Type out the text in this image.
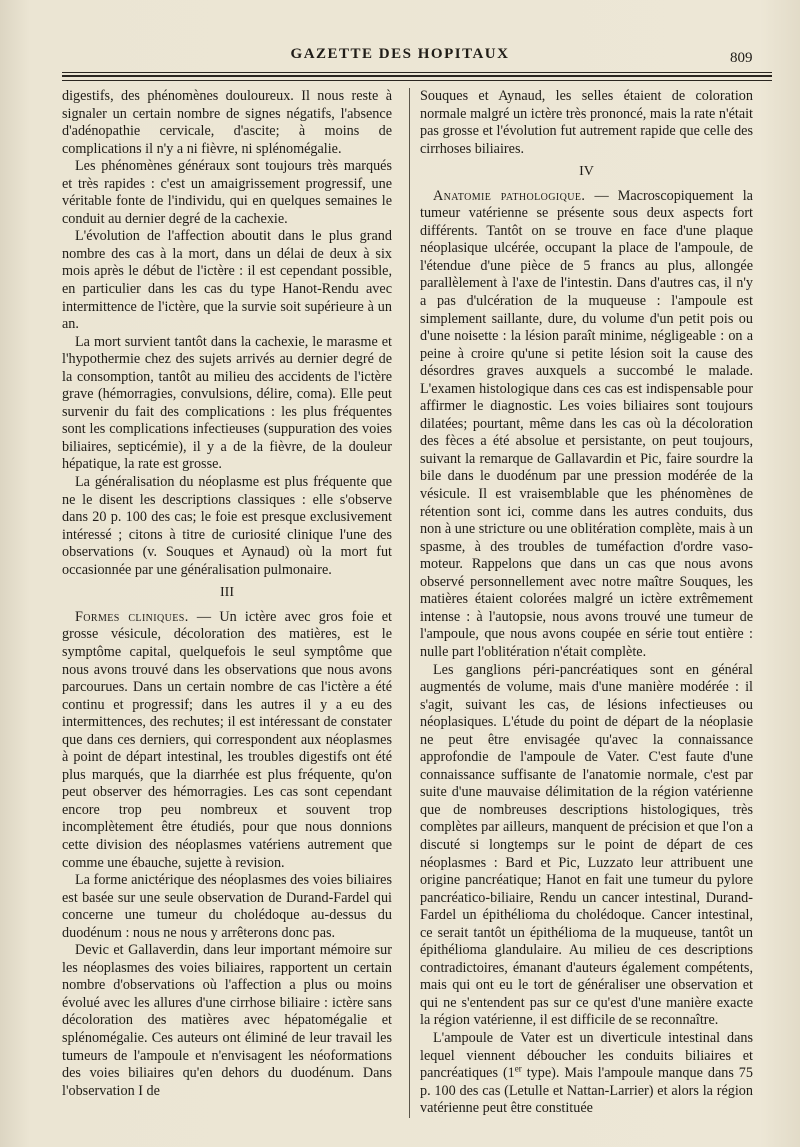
GAZETTE DES HOPITAUX	809

digestifs, des phénomènes douloureux. Il nous reste à signaler un certain nombre de signes négatifs, l'absence d'adénopathie cervicale, d'ascite; à moins de complications il n'y a ni fièvre, ni splénomégalie.

Les phénomènes généraux sont toujours très marqués et très rapides : c'est un amaigrissement progressif, une véritable fonte de l'individu, qui en quelques semaines le conduit au dernier degré de la cachexie.

L'évolution de l'affection aboutit dans le plus grand nombre des cas à la mort, dans un délai de deux à six mois après le début de l'ictère : il est cependant possible, en particulier dans les cas du type Hanot-Rendu avec intermittence de l'ictère, que la survie soit supérieure à un an.

La mort survient tantôt dans la cachexie, le marasme et l'hypothermie chez des sujets arrivés au dernier degré de la consomption, tantôt au milieu des accidents de l'ictère grave (hémorragies, convulsions, délire, coma). Elle peut survenir du fait des complications : les plus fréquentes sont les complications infectieuses (suppuration des voies biliaires, septicémie), il y a de la fièvre, de la douleur hépatique, la rate est grosse.

La généralisation du néoplasme est plus fréquente que ne le disent les descriptions classiques : elle s'observe dans 20 p. 100 des cas; le foie est presque exclusivement intéressé ; citons à titre de curiosité clinique l'une des observations (v. Souques et Aynaud) où la mort fut occasionnée par une généralisation pulmonaire.

III

Formes cliniques. — Un ictère avec gros foie et grosse vésicule, décoloration des matières, est le symptôme capital, quelquefois le seul symptôme que nous avons trouvé dans les observations que nous avons parcourues. Dans un certain nombre de cas l'ictère a été continu et progressif; dans les autres il y a eu des intermittences, des rechutes; il est intéressant de constater que dans ces derniers, qui correspondent aux néoplasmes à point de départ intestinal, les troubles digestifs ont été plus marqués, que la diarrhée est plus fréquente, qu'on peut observer des hémorragies. Les cas sont cependant encore trop peu nombreux et souvent trop incomplètement être étudiés, pour que nous donnions cette division des néoplasmes vatériens autrement que comme une ébauche, sujette à revision.

La forme anictérique des néoplasmes des voies biliaires est basée sur une seule observation de Durand-Fardel qui concerne une tumeur du cholédoque au-dessus du duodénum : nous ne nous y arrêterons donc pas.

Devic et Gallaverdin, dans leur important mémoire sur les néoplasmes des voies biliaires, rapportent un certain nombre d'observations où l'affection a plus ou moins évolué avec les allures d'une cirrhose biliaire : ictère sans décoloration des matières avec hépatomégalie et splénomégalie. Ces auteurs ont éliminé de leur travail les tumeurs de l'ampoule et n'envisagent les néoformations des voies biliaires qu'en dehors du duodénum. Dans l'observation I de

Souques et Aynaud, les selles étaient de coloration normale malgré un ictère très prononcé, mais la rate n'était pas grosse et l'évolution fut autrement rapide que celle des cirrhoses biliaires.

IV

Anatomie pathologique. — Macroscopiquement la tumeur vatérienne se présente sous deux aspects fort différents. Tantôt on se trouve en face d'une plaque néoplasique ulcérée, occupant la place de l'ampoule, de l'étendue d'une pièce de 5 francs au plus, allongée parallèlement à l'axe de l'intestin. Dans d'autres cas, il n'y a pas d'ulcération de la muqueuse : l'ampoule est simplement saillante, dure, du volume d'un petit pois ou d'une noisette : la lésion paraît minime, négligeable : on a peine à croire qu'une si petite lésion soit la cause des désordres graves auxquels a succombé le malade. L'examen histologique dans ces cas est indispensable pour affirmer le diagnostic. Les voies biliaires sont toujours dilatées; pourtant, même dans les cas où la décoloration des fèces a été absolue et persistante, on peut toujours, suivant la remarque de Gallavardin et Pic, faire sourdre la bile dans le duodénum par une pression modérée de la vésicule. Il est vraisemblable que les phénomènes de rétention sont ici, comme dans les autres conduits, dus non à une stricture ou une oblitération complète, mais à un spasme, à des troubles de tuméfaction d'ordre vaso-moteur. Rappelons que dans un cas que nous avons observé personnellement avec notre maître Souques, les matières étaient colorées malgré un ictère extrêmement intense : à l'autopsie, nous avons trouvé une tumeur de l'ampoule, que nous avons coupée en série tout entière : nulle part l'oblitération n'était complète.

Les ganglions péri-pancréatiques sont en général augmentés de volume, mais d'une manière modérée : il s'agit, suivant les cas, de lésions infectieuses ou néoplasiques. L'étude du point de départ de la néoplasie ne peut être envisagée qu'avec la connaissance approfondie de l'ampoule de Vater. C'est faute d'une connaissance suffisante de l'anatomie normale, c'est par suite d'une mauvaise délimitation de la région vatérienne que de nombreuses descriptions histologiques, très complètes par ailleurs, manquent de précision et que l'on a discuté si longtemps sur le point de départ de ces néoplasmes : Bard et Pic, Luzzato leur attribuent une origine pancréatique; Hanot en fait une tumeur du pylore pancréatico-biliaire, Rendu un cancer intestinal, Durand-Fardel un épithélioma du cholédoque. Cancer intestinal, ce serait tantôt un épithélioma de la muqueuse, tantôt un épithélioma glandulaire. Au milieu de ces descriptions contradictoires, émanant d'auteurs également compétents, mais qui ont eu le tort de généraliser une observation et qui ne s'entendent pas sur ce qu'est d'une manière exacte la région vatérienne, il est difficile de se reconnaître.

L'ampoule de Vater est un diverticule intestinal dans lequel viennent déboucher les conduits biliaires et pancréatiques (1er type). Mais l'ampoule manque dans 75 p. 100 des cas (Letulle et Nattan-Larrier) et alors la région vatérienne peut être constituée
